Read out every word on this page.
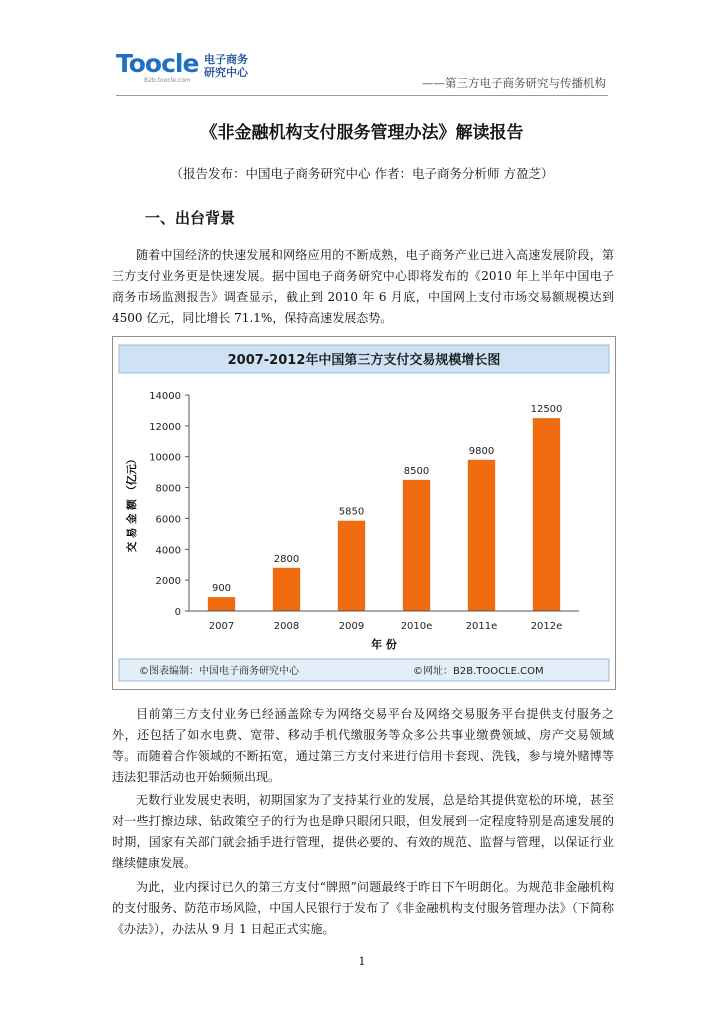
Toocle 电子商务
研究中心
B2b.toocle.com	——第三方电子商务研究与传播机构
《非金融机构支付服务管理办法》解读报告
（报告发布：中国电子商务研究中心 作者：电子商务分析师 方盈芝）
一、出台背景

随着中国经济的快速发展和网络应用的不断成熟，电子商务产业已进入高速发展阶段，第三方支付业务更是快速发展。据中国电子商务研究中心即将发布的《2010 年上半年中国电子商务市场监测报告》调查显示，截止到 2010 年 6 月底，中国网上支付市场交易额规模达到 4500 亿元，同比增长 71.1%，保持高速发展态势。

2007-2012年中国第三方支付交易规模增长图
0
2000
4000
6000
8000
10000
12000
14000
900
2800
5850
8500
9800
12500
2007	2008	2009	2010e	2011e	2012e
年 份
交 易 金 额 （亿元）
©图表编制：中国电子商务研究中心	©网址：B2B.TOOCLE.COM

目前第三方支付业务已经涵盖除专为网络交易平台及网络交易服务平台提供支付服务之外，还包括了如水电费、宽带、移动手机代缴服务等众多公共事业缴费领域、房产交易领域等。而随着合作领域的不断拓宽，通过第三方支付来进行信用卡套现、洗钱，参与境外赌博等违法犯罪活动也开始频频出现。

无数行业发展史表明，初期国家为了支持某行业的发展，总是给其提供宽松的环境，甚至对一些打擦边球、钻政策空子的行为也是睁只眼闭只眼，但发展到一定程度特别是高速发展的时期，国家有关部门就会插手进行管理，提供必要的、有效的规范、监督与管理，以保证行业继续健康发展。

为此，业内探讨已久的第三方支付“牌照”问题最终于昨日下午明朗化。为规范非金融机构的支付服务、防范市场风险，中国人民银行于发布了《非金融机构支付服务管理办法》（下简称《办法》），办法从 9 月 1 日起正式实施。

1
